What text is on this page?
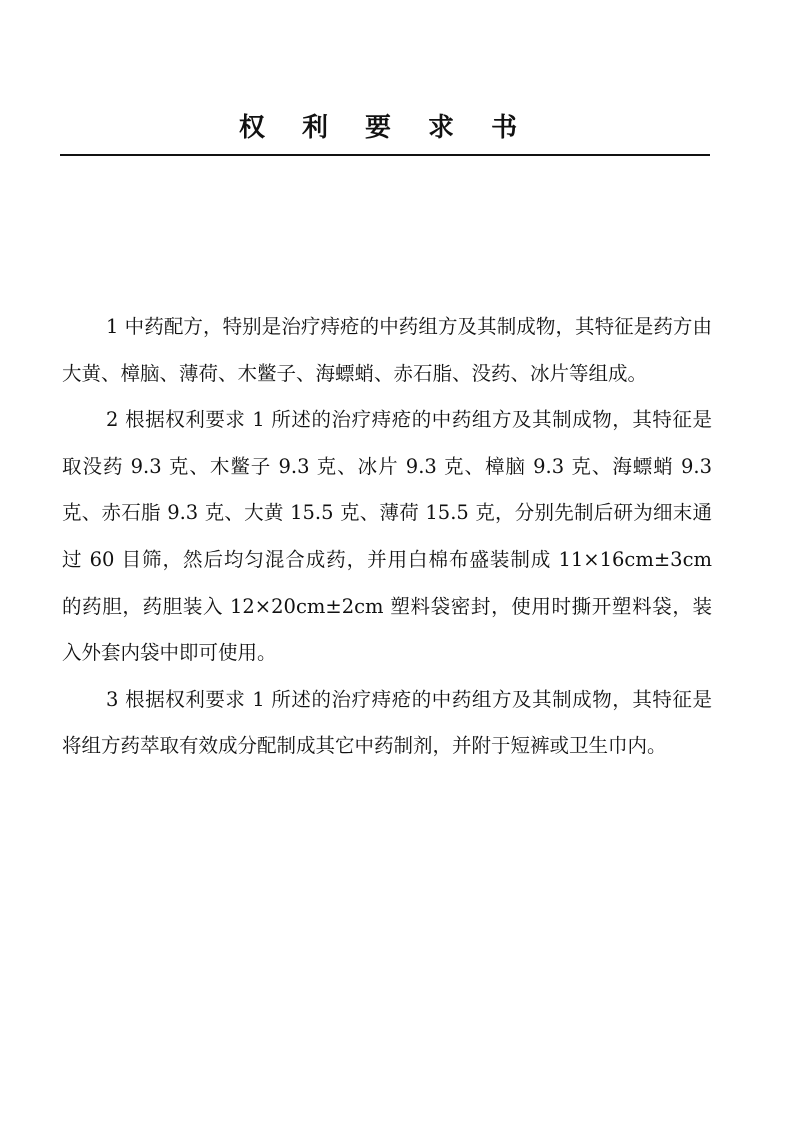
权 利 要 求 书

1 中药配方，特别是治疗痔疮的中药组方及其制成物，其特征是药方由大黄、樟脑、薄荷、木鳖子、海螵蛸、赤石脂、没药、冰片等组成。

2 根据权利要求 1 所述的治疗痔疮的中药组方及其制成物，其特征是取没药 9.3 克、木鳖子 9.3 克、冰片 9.3 克、樟脑 9.3 克、海螵蛸 9.3 克、赤石脂 9.3 克、大黄 15.5 克、薄荷 15.5 克，分别先制后研为细末通过 60 目筛，然后均匀混合成药，并用白棉布盛装制成 11×16cm±3cm 的药胆，药胆装入 12×20cm±2cm 塑料袋密封，使用时撕开塑料袋，装入外套内袋中即可使用。

3 根据权利要求 1 所述的治疗痔疮的中药组方及其制成物，其特征是将组方药萃取有效成分配制成其它中药制剂，并附于短裤或卫生巾内。
